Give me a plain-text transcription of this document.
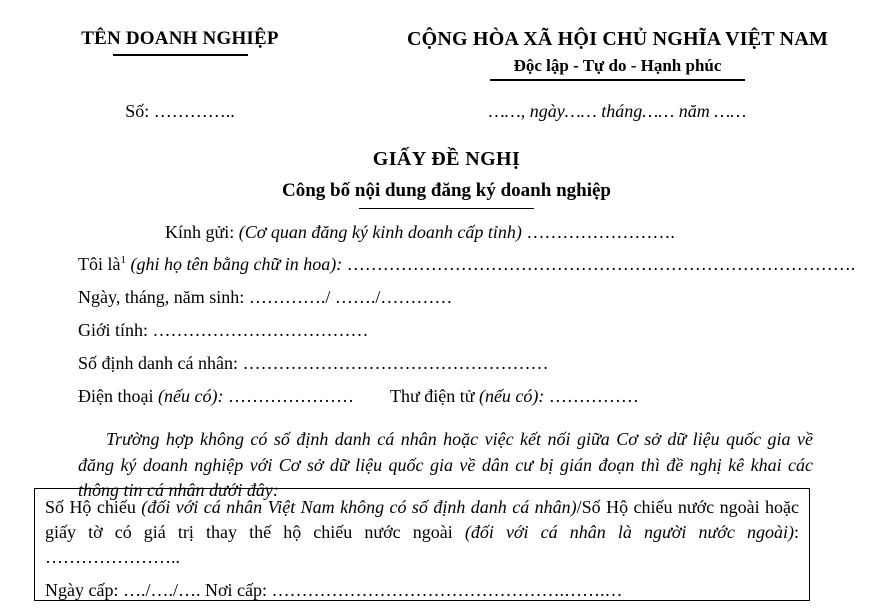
TÊN DOANH NGHIỆP	CỘNG HÒA XÃ HỘI CHỦ NGHĨA VIỆT NAM
Độc lập - Tự do - Hạnh phúc
Số: …………..	……, ngày…… tháng…… năm ……
GIẤY ĐỀ NGHỊ
Công bố nội dung đăng ký doanh nghiệp
Kính gửi: (Cơ quan đăng ký kinh doanh cấp tỉnh) …………………….
Tôi $là^1$ (ghi họ tên bằng chữ in hoa): ………………………………………………………………………….
Ngày, tháng, năm sinh: …………./ ……./…………
Giới tính: ………………………………
Số định danh cá nhân: ……………………………………………
Điện thoại (nếu có): ………………… Thư điện tử (nếu có): ……………
Trường hợp không có số định danh cá nhân hoặc việc kết nối giữa Cơ sở dữ liệu quốc gia về đăng ký doanh nghiệp với Cơ sở dữ liệu quốc gia về dân cư bị gián đoạn thì đề nghị kê khai các thông tin cá nhân dưới đây:
Số Hộ chiếu (đối với cá nhân Việt Nam không có số định danh cá nhân)/Số Hộ chiếu nước ngoài hoặc giấy tờ có giá trị thay thế hộ chiếu nước ngoài (đối với cá nhân là người nước ngoài): …………………..
Ngày cấp: …./…./…. Nơi cấp: ………………………………………….…….…
